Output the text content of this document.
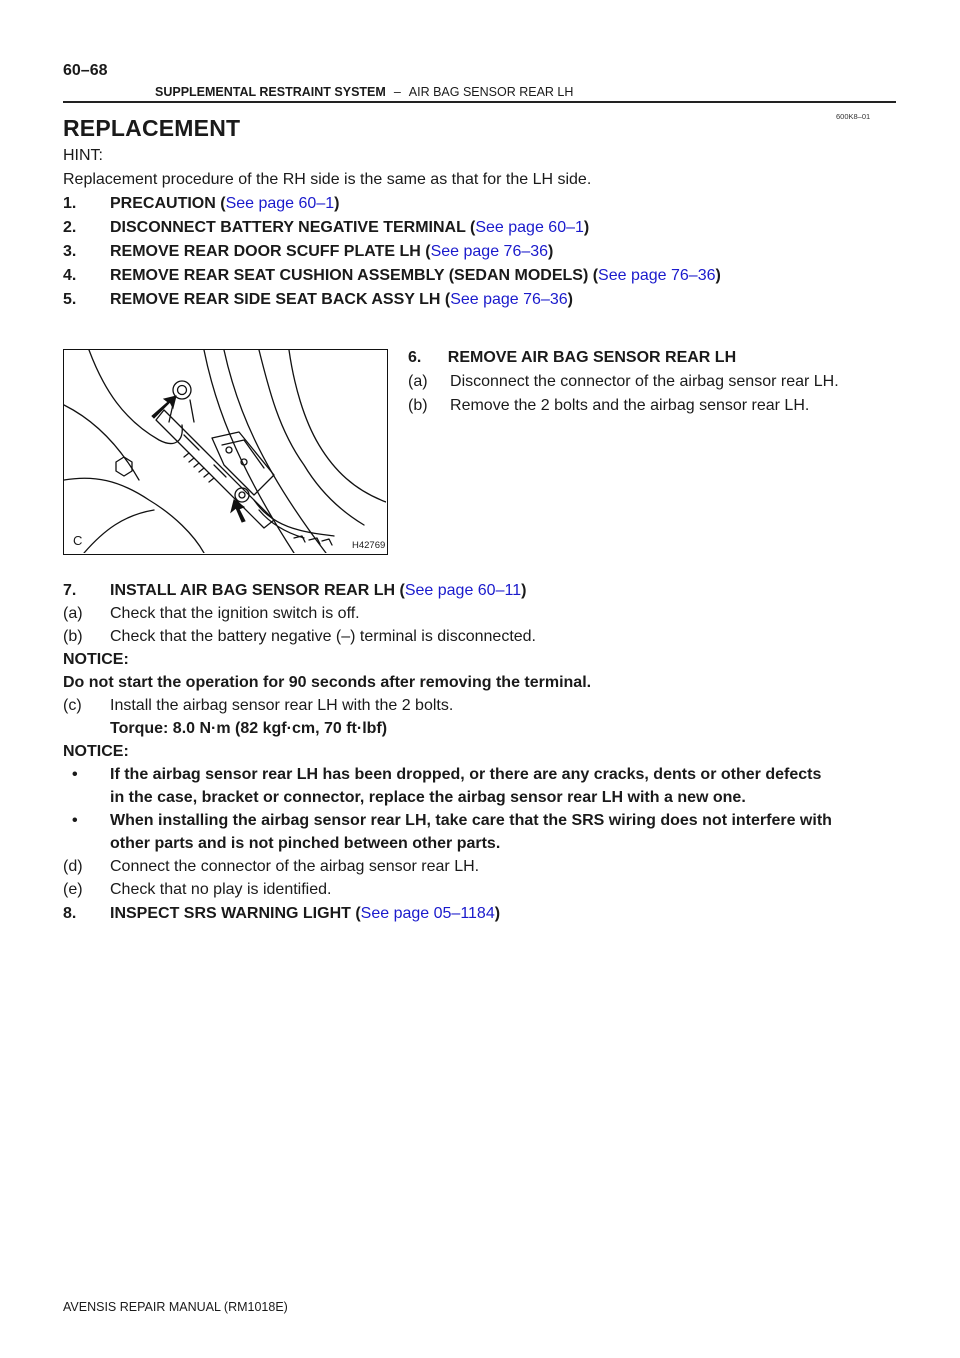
60–68
SUPPLEMENTAL RESTRAINT SYSTEM – AIR BAG SENSOR REAR LH
600K8–01
REPLACEMENT
HINT:
Replacement procedure of the RH side is the same as that for the LH side.
1. PRECAUTION (See page 60–1)
2. DISCONNECT BATTERY NEGATIVE TERMINAL (See page 60–1)
3. REMOVE REAR DOOR SCUFF PLATE LH (See page 76–36)
4. REMOVE REAR SEAT CUSHION ASSEMBLY (SEDAN MODELS) (See page 76–36)
5. REMOVE REAR SIDE SEAT BACK ASSY LH (See page 76–36)
H42769
C
6. REMOVE AIR BAG SENSOR REAR LH
(a) Disconnect the connector of the airbag sensor rear LH.
(b) Remove the 2 bolts and the airbag sensor rear LH.
7. INSTALL AIR BAG SENSOR REAR LH (See page 60–11)
(a) Check that the ignition switch is off.
(b) Check that the battery negative (–) terminal is disconnected.
NOTICE:
Do not start the operation for 90 seconds after removing the terminal.
(c) Install the airbag sensor rear LH with the 2 bolts.
Torque: 8.0 N·m (82 kgf·cm, 70 ft·lbf)
NOTICE:
• If the airbag sensor rear LH has been dropped, or there are any cracks, dents or other defects
in the case, bracket or connector, replace the airbag sensor rear LH with a new one.
• When installing the airbag sensor rear LH, take care that the SRS wiring does not interfere with
other parts and is not pinched between other parts.
(d) Connect the connector of the airbag sensor rear LH.
(e) Check that no play is identified.
8. INSPECT SRS WARNING LIGHT (See page 05–1184)
AVENSIS REPAIR MANUAL (RM1018E)
